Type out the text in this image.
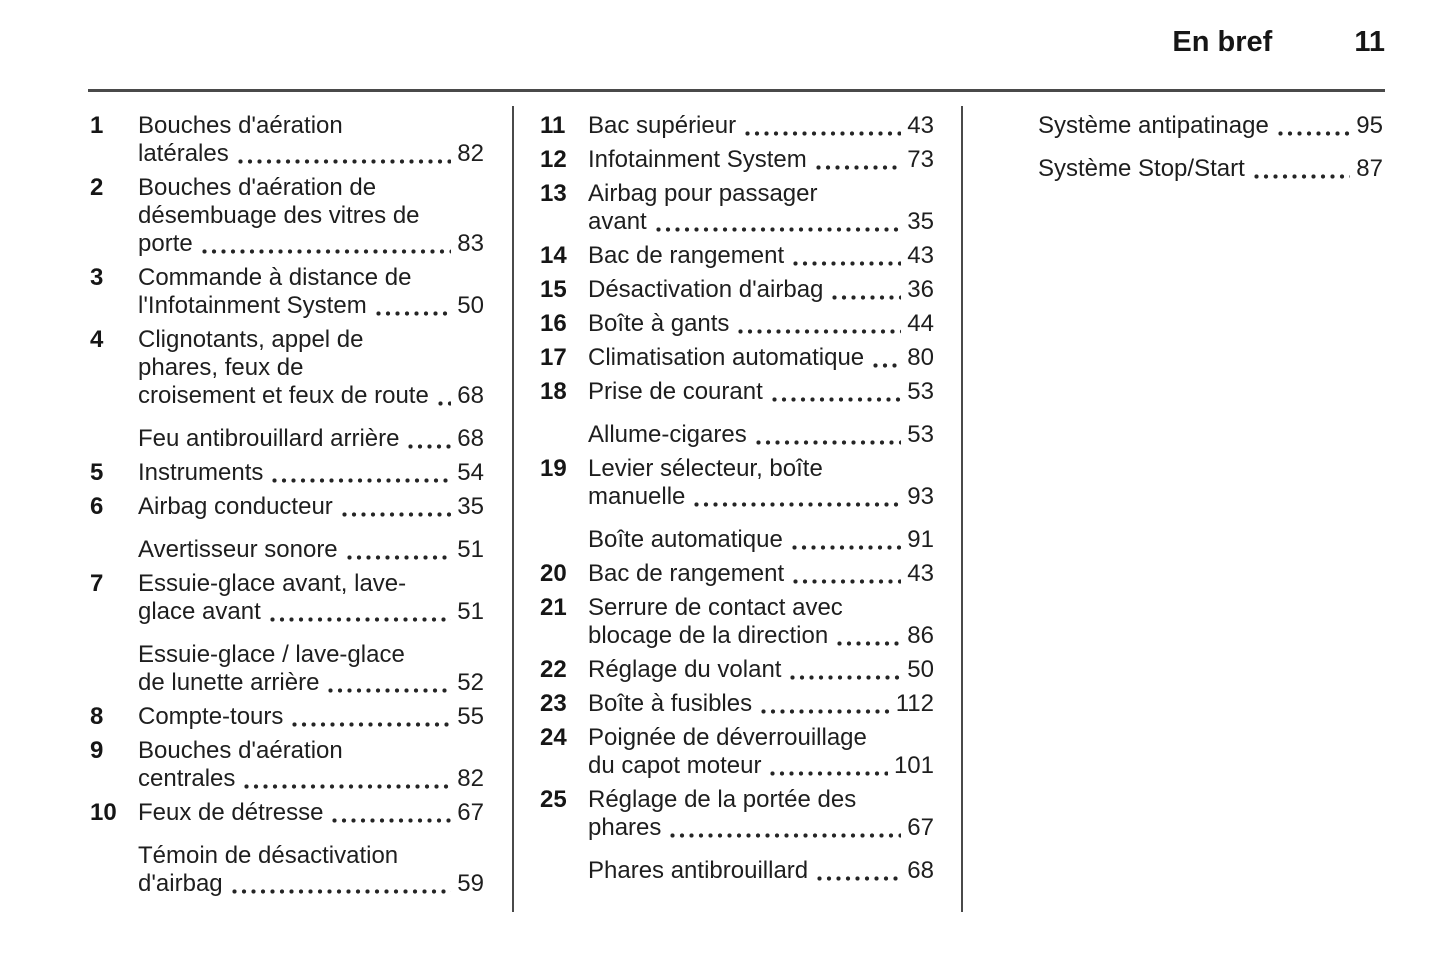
En bref	11
1	Bouches d'aération
latérales	82
2	Bouches d'aération de
désembuage des vitres de
porte	83
3	Commande à distance de
l'Infotainment System	50
4	Clignotants, appel de
phares, feux de
croisement et feux de route 68
Feu antibrouillard arrière 68
5	Instruments	54
6	Airbag conducteur	35
Avertisseur sonore	51
7	Essuie-glace avant, lave-
glace avant	51
Essuie-glace / lave-glace
de lunette arrière	52
8	Compte-tours	55
9	Bouches d'aération
centrales	82
10 Feux de détresse	67
Témoin de désactivation
d'airbag	59
11 Bac supérieur	43
12 Infotainment System	73
13 Airbag pour passager
avant	35
14 Bac de rangement	43
15 Désactivation d'airbag	36
16 Boîte à gants	44
17 Climatisation automatique 80
18 Prise de courant	53
Allume-cigares	53
19 Levier sélecteur, boîte
manuelle	93
Boîte automatique	91
20 Bac de rangement	43
21 Serrure de contact avec
blocage de la direction	86
22 Réglage du volant	50
23 Boîte à fusibles	112
24 Poignée de déverrouillage
du capot moteur	101
25 Réglage de la portée des
phares	67
Phares antibrouillard	68
Système antipatinage	95
Système Stop/Start	87
